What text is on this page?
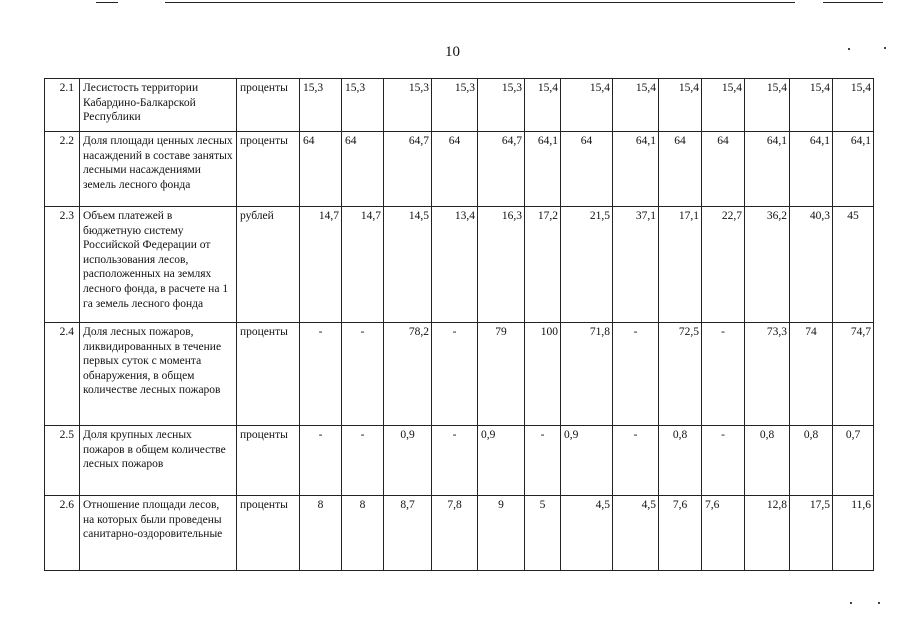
10
2.1	Лесистость территории Кабардино-Балкарской Республики	проценты	15,3	15,3	15,3	15,3	15,3	15,4	15,4	15,4	15,4	15,4	15,4	15,4	15,4
2.2	Доля площади ценных лесных насаждений в составе занятых лесными насаждениями земель лесного фонда	проценты	64	64	64,7	64	64,7	64,1	64	64,1	64	64	64,1	64,1	64,1
2.3	Объем платежей в бюджетную систему Российской Федерации от использования лесов, расположенных на землях лесного фонда, в расчете на 1 га земель лесного фонда	рублей	14,7	14,7	14,5	13,4	16,3	17,2	21,5	37,1	17,1	22,7	36,2	40,3	45
2.4	Доля лесных пожаров, ликвидированных в течение первых суток с момента обнаружения, в общем количестве лесных пожаров	проценты	-	-	78,2	-	79	100	71,8	-	72,5	-	73,3	74	74,7
2.5	Доля крупных лесных пожаров в общем количестве лесных пожаров	проценты	-	-	0,9	-	0,9	-	0,9	-	0,8	-	0,8	0,8	0,7
2.6	Отношение площади лесов, на которых были проведены санитарно-оздоровительные	проценты	8	8	8,7	7,8	9	5	4,5	4,5	7,6	7,6	12,8	17,5	11,6
